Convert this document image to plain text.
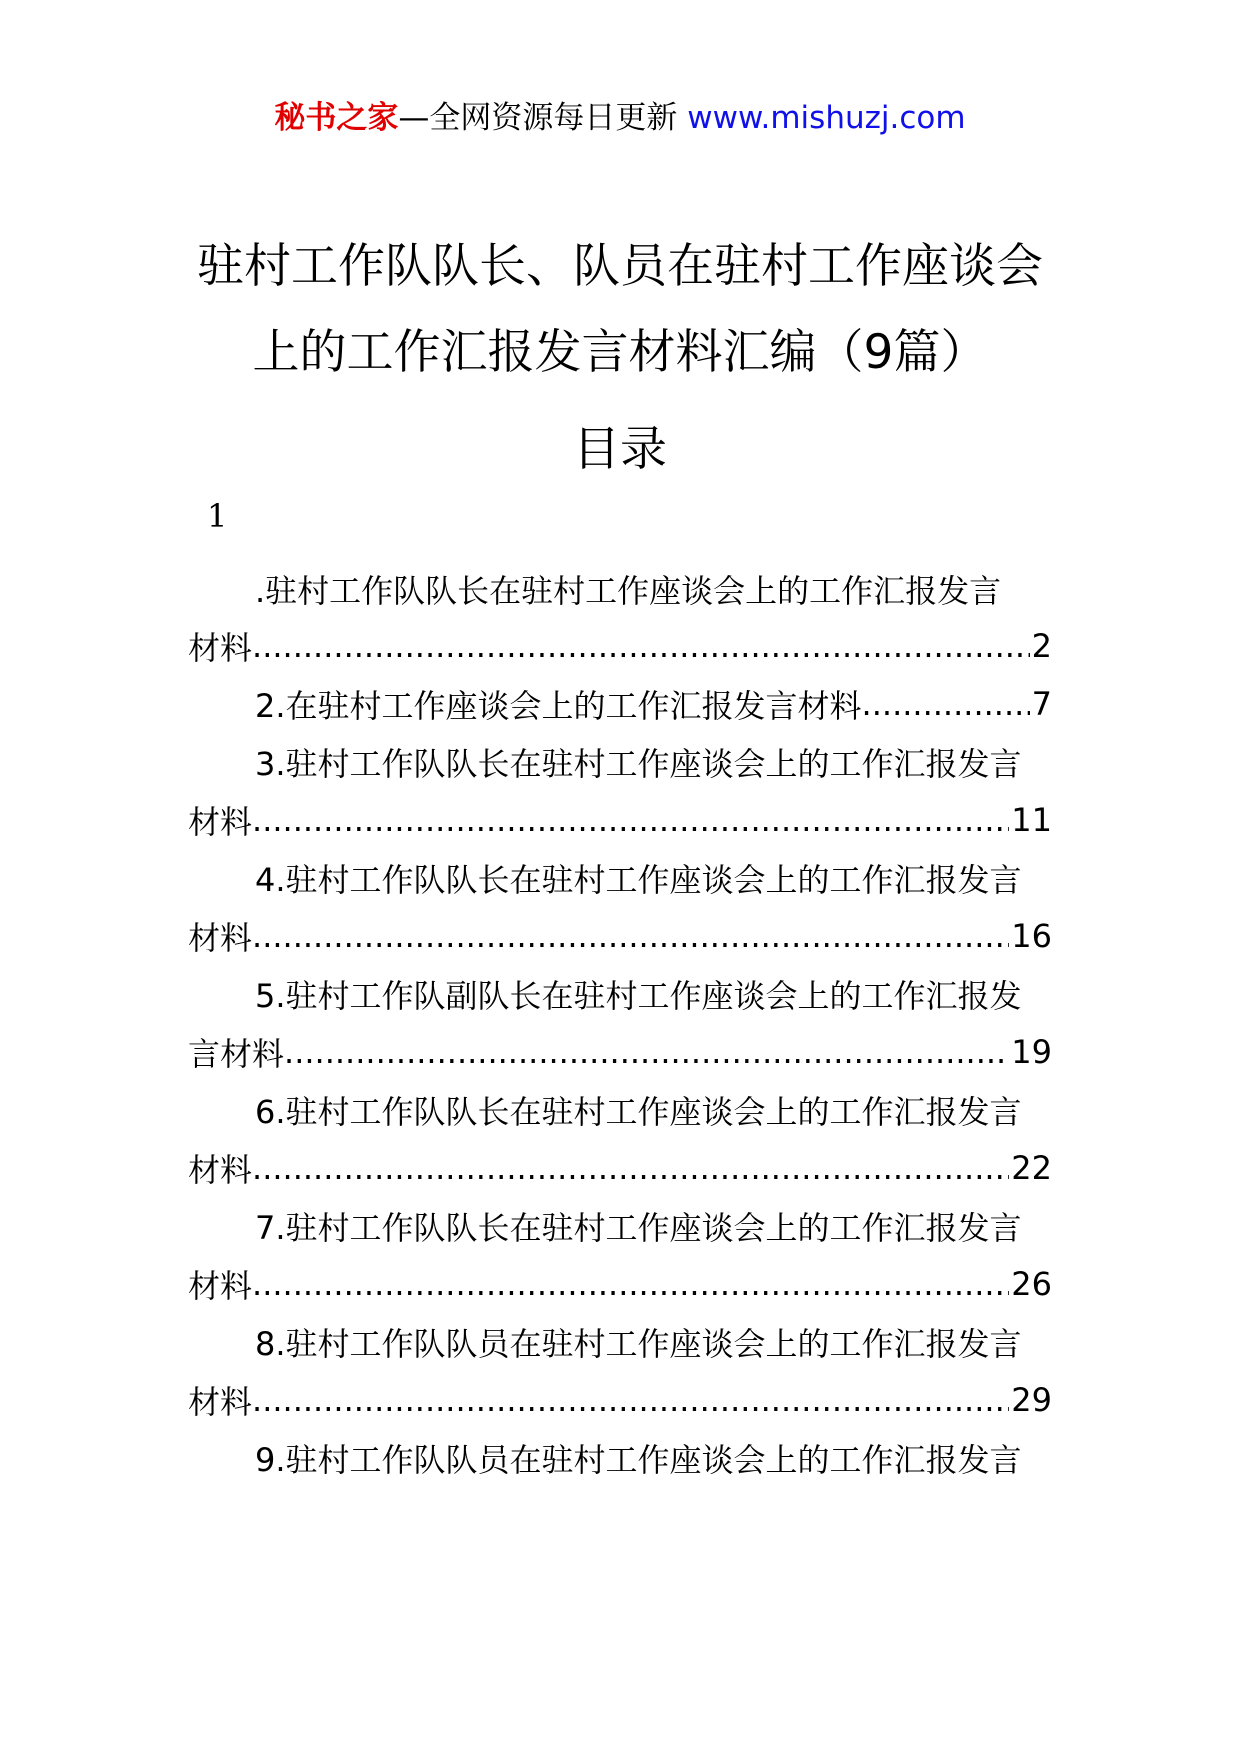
秘书之家—全网资源每日更新 www.mishuzj.com
驻村工作队队长、队员在驻村工作座谈会
上的工作汇报发言材料汇编（9篇）
目录
1
.驻村工作队队长在驻村工作座谈会上的工作汇报发言
材料 .....	2
2.在驻村工作座谈会上的工作汇报发言材料 .....	7
3.驻村工作队队长在驻村工作座谈会上的工作汇报发言
材料 .....	11
4.驻村工作队队长在驻村工作座谈会上的工作汇报发言
材料 .....	16
5.驻村工作队副队长在驻村工作座谈会上的工作汇报发
言材料 .....	19
6.驻村工作队队长在驻村工作座谈会上的工作汇报发言
材料 .....	22
7.驻村工作队队长在驻村工作座谈会上的工作汇报发言
材料 .....	26
8.驻村工作队队员在驻村工作座谈会上的工作汇报发言
材料 .....	29
9.驻村工作队队员在驻村工作座谈会上的工作汇报发言
